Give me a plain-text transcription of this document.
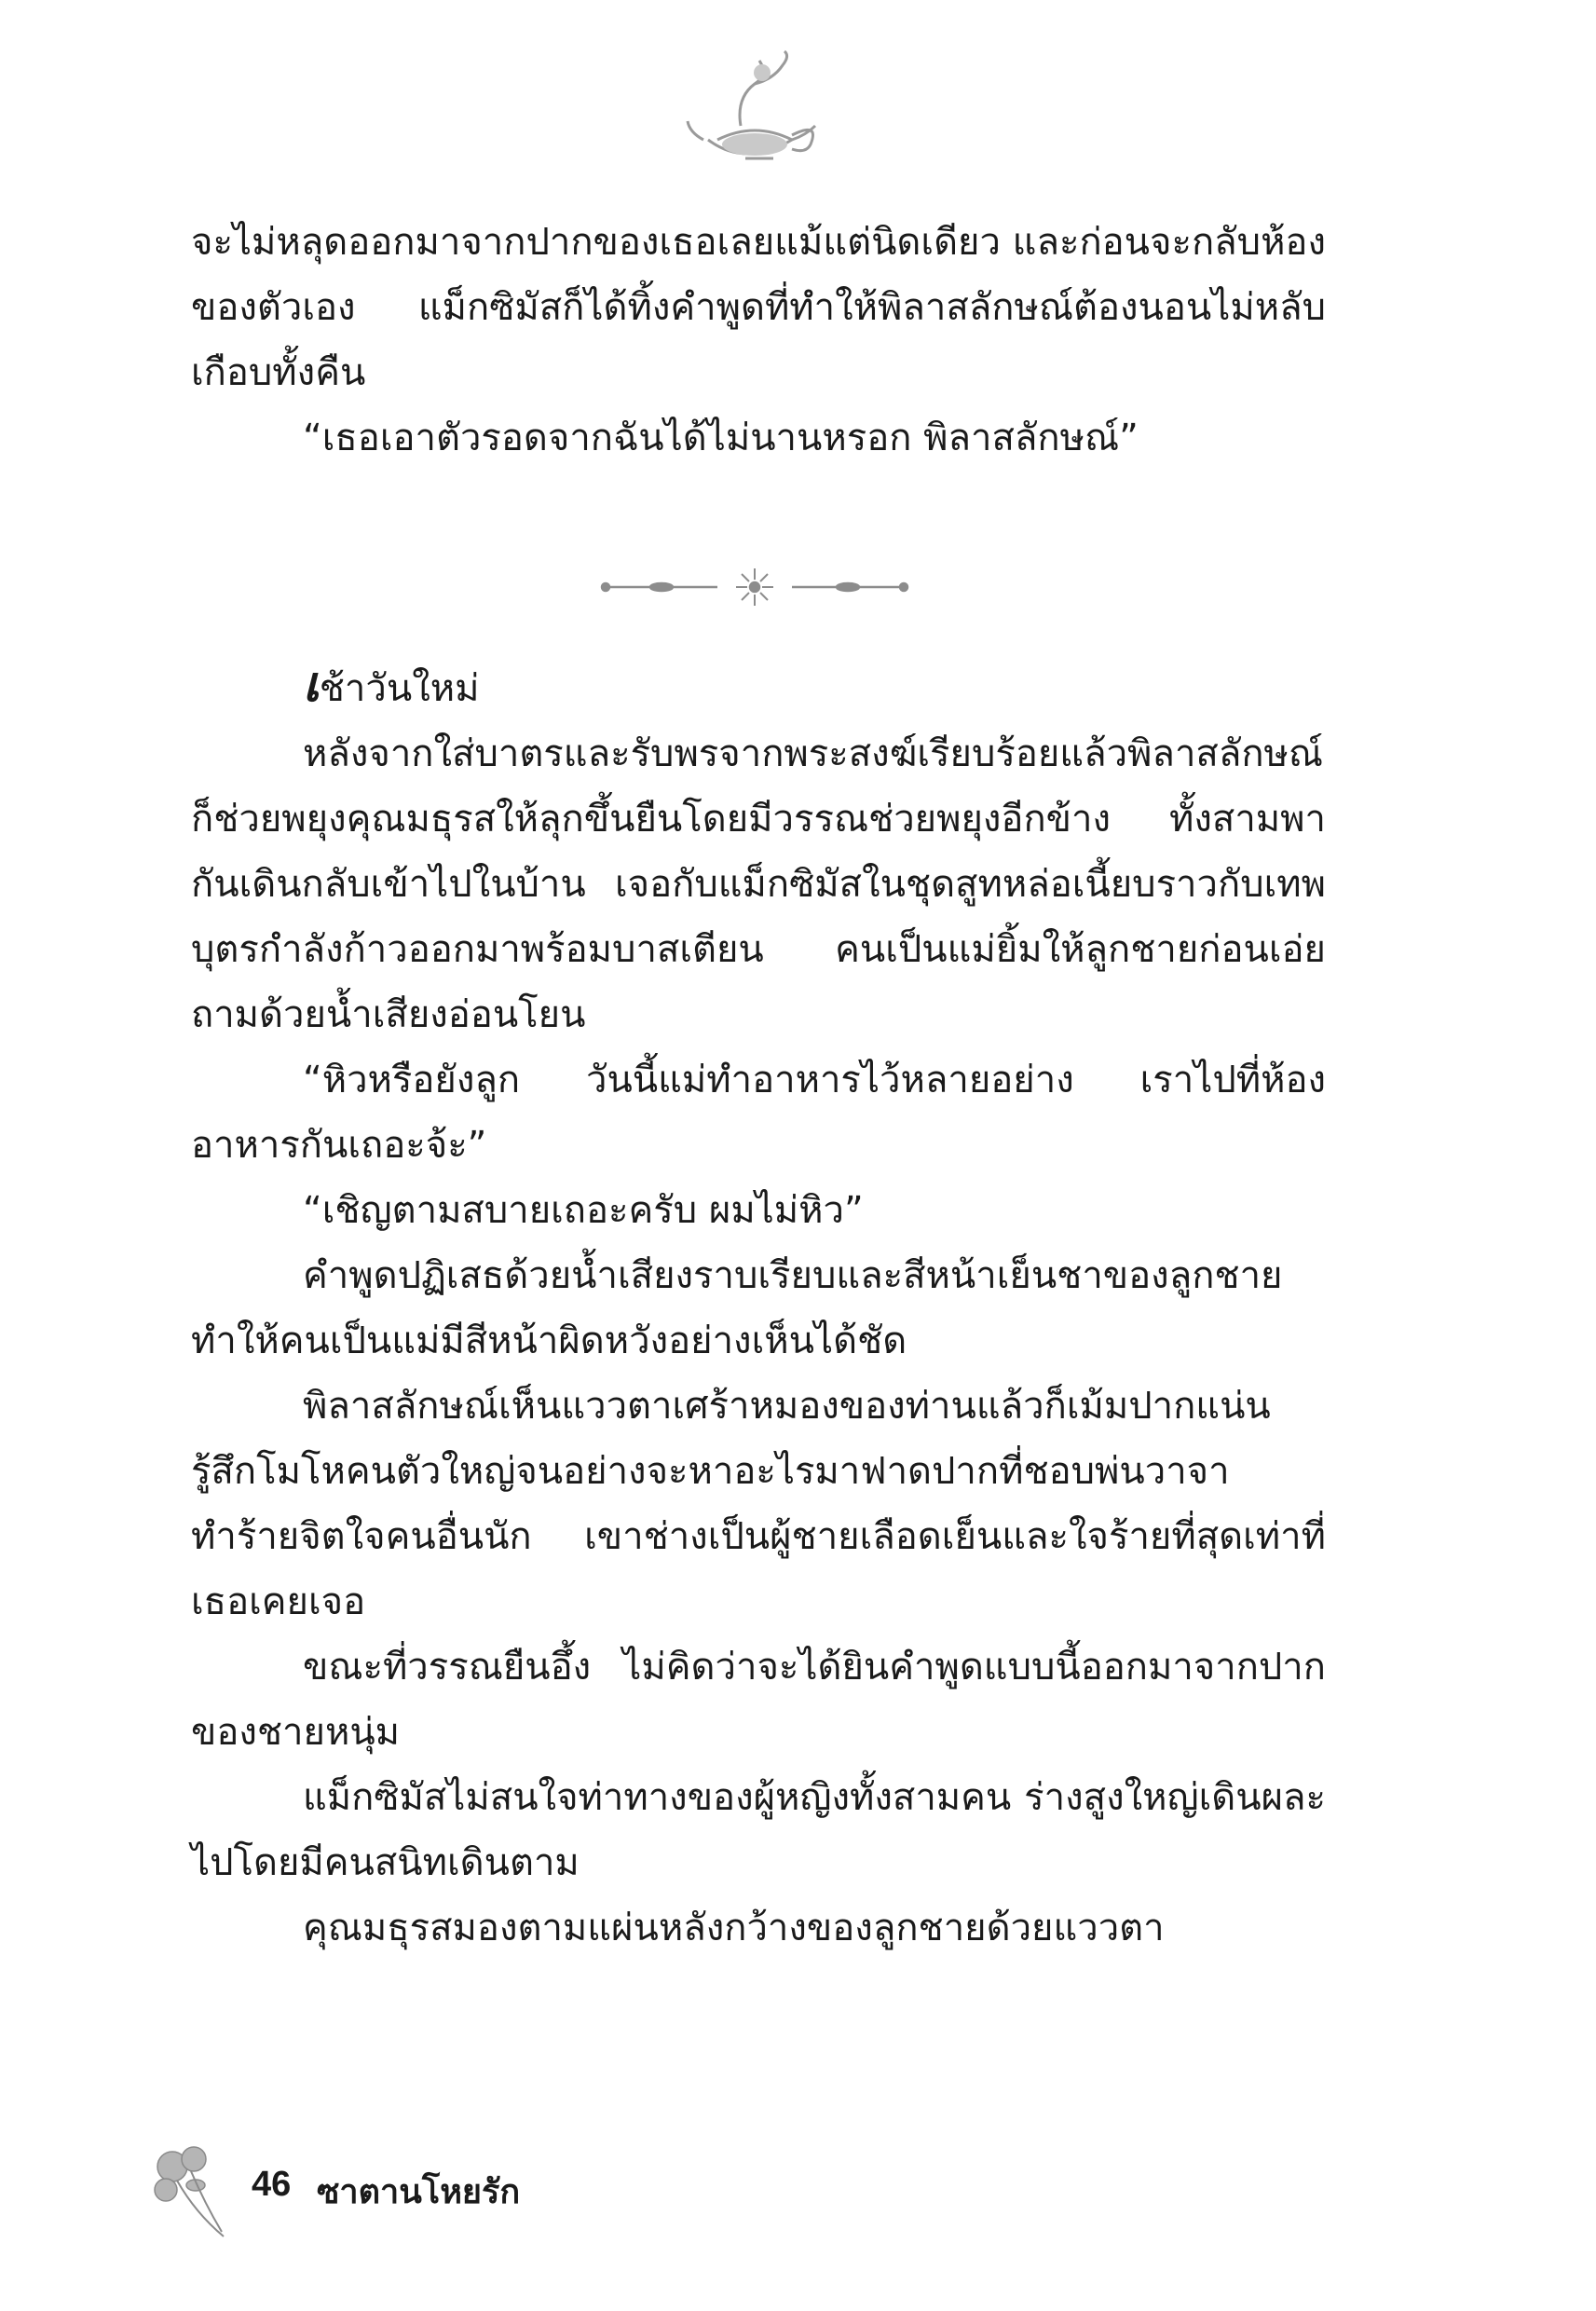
จะไม่หลุดออกมาจากปากของเธอเลยแม้แต่นิดเดียว และก่อนจะกลับห้องของตัวเอง แม็กซิมัสก็ได้ทิ้งคำพูดที่ทำให้พิลาสลักษณ์ต้องนอนไม่หลับเกือบทั้งคืน

“เธอเอาตัวรอดจากฉันได้ไม่นานหรอก พิลาสลักษณ์”

เช้าวันใหม่

หลังจากใส่บาตรและรับพรจากพระสงฆ์เรียบร้อยแล้วพิลาสลักษณ์ก็ช่วยพยุงคุณมธุรสให้ลุกขึ้นยืนโดยมีวรรณช่วยพยุงอีกข้าง ทั้งสามพากันเดินกลับเข้าไปในบ้าน เจอกับแม็กซิมัสในชุดสูทหล่อเนี้ยบราวกับเทพบุตรกำลังก้าวออกมาพร้อมบาสเตียน คนเป็นแม่ยิ้มให้ลูกชายก่อนเอ่ยถามด้วยน้ำเสียงอ่อนโยน

“หิวหรือยังลูก วันนี้แม่ทำอาหารไว้หลายอย่าง เราไปที่ห้องอาหารกันเถอะจ้ะ”

“เชิญตามสบายเถอะครับ ผมไม่หิว”

คำพูดปฏิเสธด้วยน้ำเสียงราบเรียบและสีหน้าเย็นชาของลูกชายทำให้คนเป็นแม่มีสีหน้าผิดหวังอย่างเห็นได้ชัด

พิลาสลักษณ์เห็นแววตาเศร้าหมองของท่านแล้วก็เม้มปากแน่นรู้สึกโมโหคนตัวใหญ่จนอย่างจะหาอะไรมาฟาดปากที่ชอบพ่นวาจาทำร้ายจิตใจคนอื่นนัก เขาช่างเป็นผู้ชายเลือดเย็นและใจร้ายที่สุดเท่าที่เธอเคยเจอ

ขณะที่วรรณยืนอึ้ง ไม่คิดว่าจะได้ยินคำพูดแบบนี้ออกมาจากปากของชายหนุ่ม

แม็กซิมัสไม่สนใจท่าทางของผู้หญิงทั้งสามคน ร่างสูงใหญ่เดินผละไปโดยมีคนสนิทเดินตาม

คุณมธุรสมองตามแผ่นหลังกว้างของลูกชายด้วยแววตา

46 ซาตานโหยรัก
